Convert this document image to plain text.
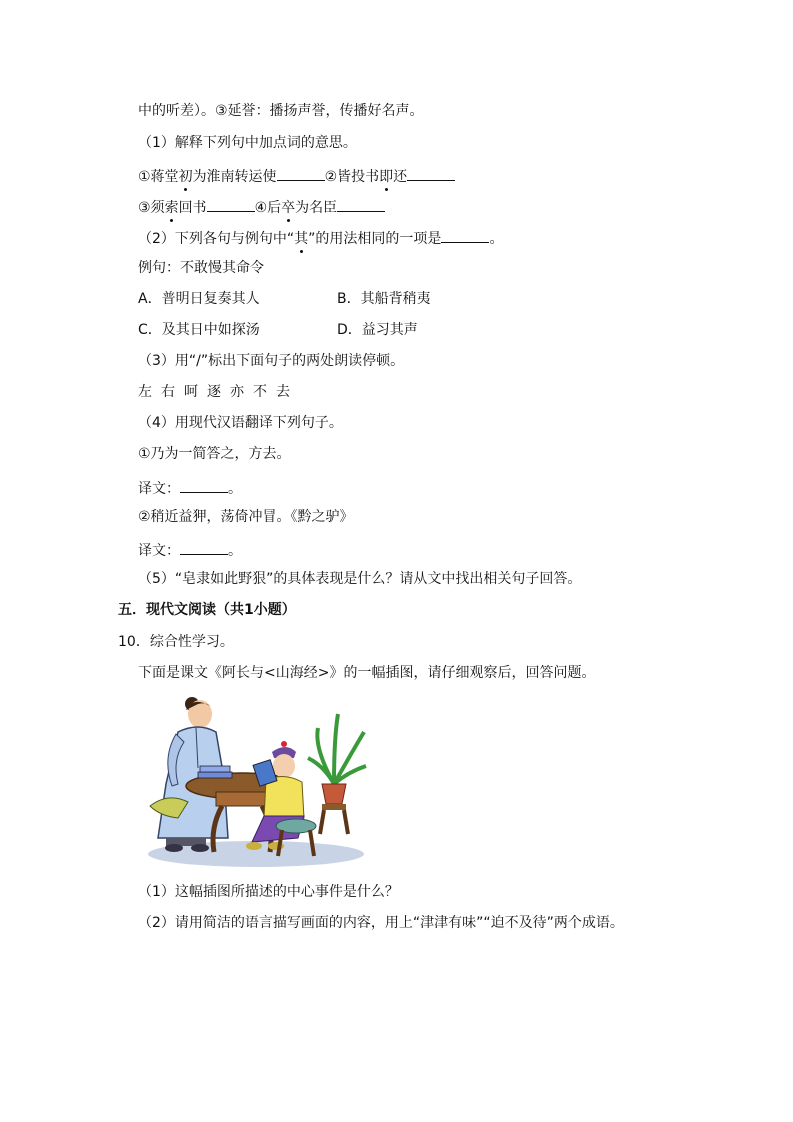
中的听差）。③延誉：播扬声誉，传播好名声。
（1）解释下列句中加点词的意思。
①蒋堂初为淮南转运使	②皆投书即还
③须索回书	④后卒为名臣
（2）下列各句与例句中“其”的用法相同的一项是	。
例句：不敢慢其命令
A．普明日复奏其人	B．其船背稍夷
C．及其日中如探汤	D．益习其声
（3）用“/”标出下面句子的两处朗读停顿。
左右呵逐亦不去
（4）用现代汉语翻译下列句子。
①乃为一简答之，方去。
译文：	。
②稍近益狎，荡倚冲冒。《黔之驴》
译文：	。
（5）“皂隶如此野狠”的具体表现是什么？请从文中找出相关句子回答。
五．现代文阅读（共1小题）
10．综合性学习。
下面是课文《阿长与<山海经>》的一幅插图，请仔细观察后，回答问题。
（1）这幅插图所描述的中心事件是什么？
（2）请用简洁的语言描写画面的内容，用上“津津有味”“迫不及待”两个成语。
